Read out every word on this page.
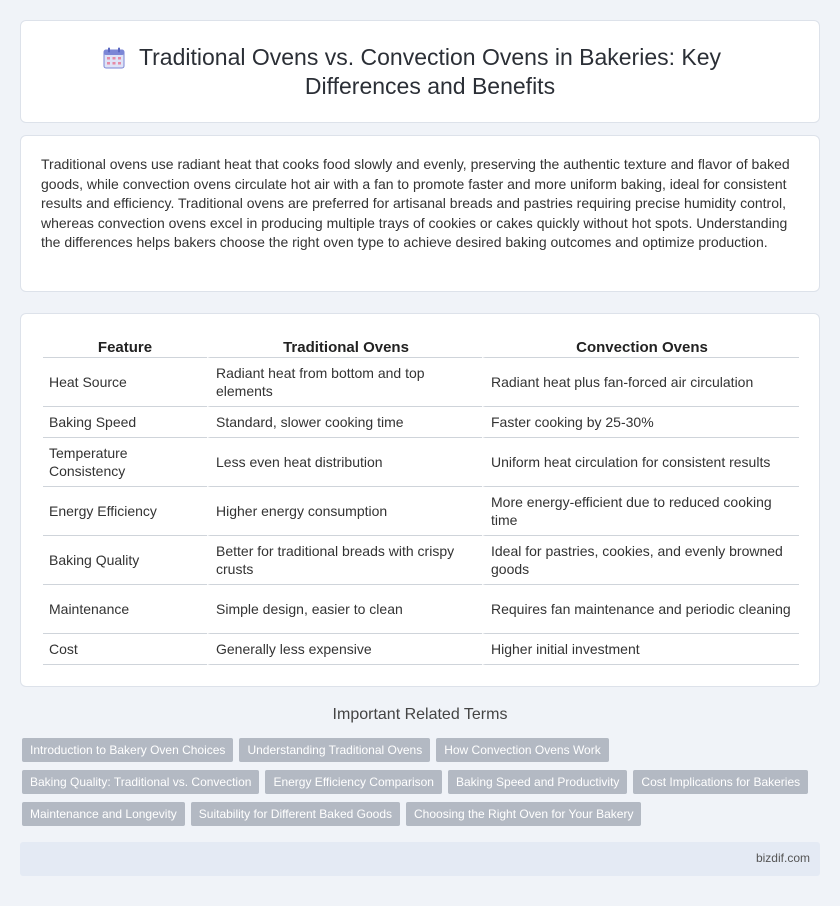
Traditional Ovens vs. Convection Ovens in Bakeries: Key Differences and Benefits

Traditional ovens use radiant heat that cooks food slowly and evenly, preserving the authentic texture and flavor of baked goods, while convection ovens circulate hot air with a fan to promote faster and more uniform baking, ideal for consistent results and efficiency. Traditional ovens are preferred for artisanal breads and pastries requiring precise humidity control, whereas convection ovens excel in producing multiple trays of cookies or cakes quickly without hot spots. Understanding the differences helps bakers choose the right oven type to achieve desired baking outcomes and optimize production.

Feature	Traditional Ovens	Convection Ovens
Heat Source	Radiant heat from bottom and top elements	Radiant heat plus fan-forced air circulation
Baking Speed	Standard, slower cooking time	Faster cooking by 25-30%
Temperature Consistency	Less even heat distribution	Uniform heat circulation for consistent results
Energy Efficiency	Higher energy consumption	More energy-efficient due to reduced cooking time
Baking Quality	Better for traditional breads with crispy crusts	Ideal for pastries, cookies, and evenly browned goods
Maintenance	Simple design, easier to clean	Requires fan maintenance and periodic cleaning
Cost	Generally less expensive	Higher initial investment
Important Related Terms
Introduction to Bakery Oven Choices	Understanding Traditional Ovens	How Convection Ovens Work
Baking Quality: Traditional vs. Convection	Energy Efficiency Comparison	Baking Speed and Productivity	Cost Implications for Bakeries
Maintenance and Longevity	Suitability for Different Baked Goods	Choosing the Right Oven for Your Bakery
bizdif.com
